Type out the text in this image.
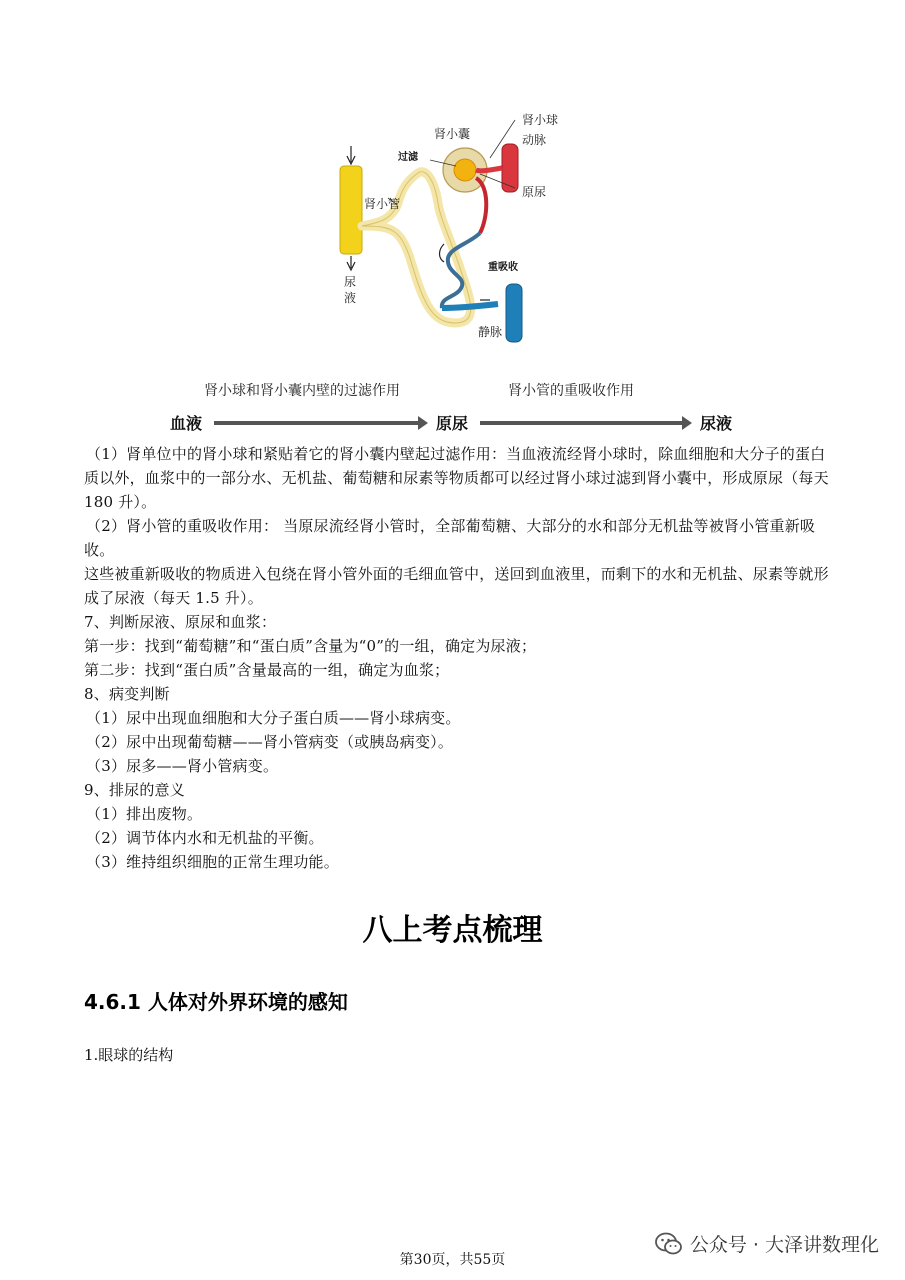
肾小球
动脉
肾小囊
过滤
原尿
肾小管
尿
液
重吸收
静脉
肾小球和肾小囊内壁的过滤作用	肾小管的重吸收作用
血液	原尿	尿液

（1）肾单位中的肾小球和紧贴着它的肾小囊内壁起过滤作用：当血液流经肾小球时，除血细胞和大分子的蛋白质以外，血浆中的一部分水、无机盐、葡萄糖和尿素等物质都可以经过肾小球过滤到肾小囊中，形成原尿（每天 180 升）。

（2）肾小管的重吸收作用： 当原尿流经肾小管时，全部葡萄糖、大部分的水和部分无机盐等被肾小管重新吸收。

这些被重新吸收的物质进入包绕在肾小管外面的毛细血管中，送回到血液里，而剩下的水和无机盐、尿素等就形成了尿液（每天 1.5 升）。

7、判断尿液、原尿和血浆：

第一步：找到“葡萄糖”和“蛋白质”含量为“0”的一组，确定为尿液；

第二步：找到“蛋白质”含量最高的一组，确定为血浆；

8、病变判断

（1）尿中出现血细胞和大分子蛋白质——肾小球病变。

（2）尿中出现葡萄糖——肾小管病变（或胰岛病变）。

（3）尿多——肾小管病变。

9、排尿的意义

（1）排出废物。

（2）调节体内水和无机盐的平衡。

（3）维持组织细胞的正常生理功能。

八上考点梳理
4.6.1 人体对外界环境的感知
1.眼球的结构
公众号 · 大泽讲数理化
第30页，共55页
